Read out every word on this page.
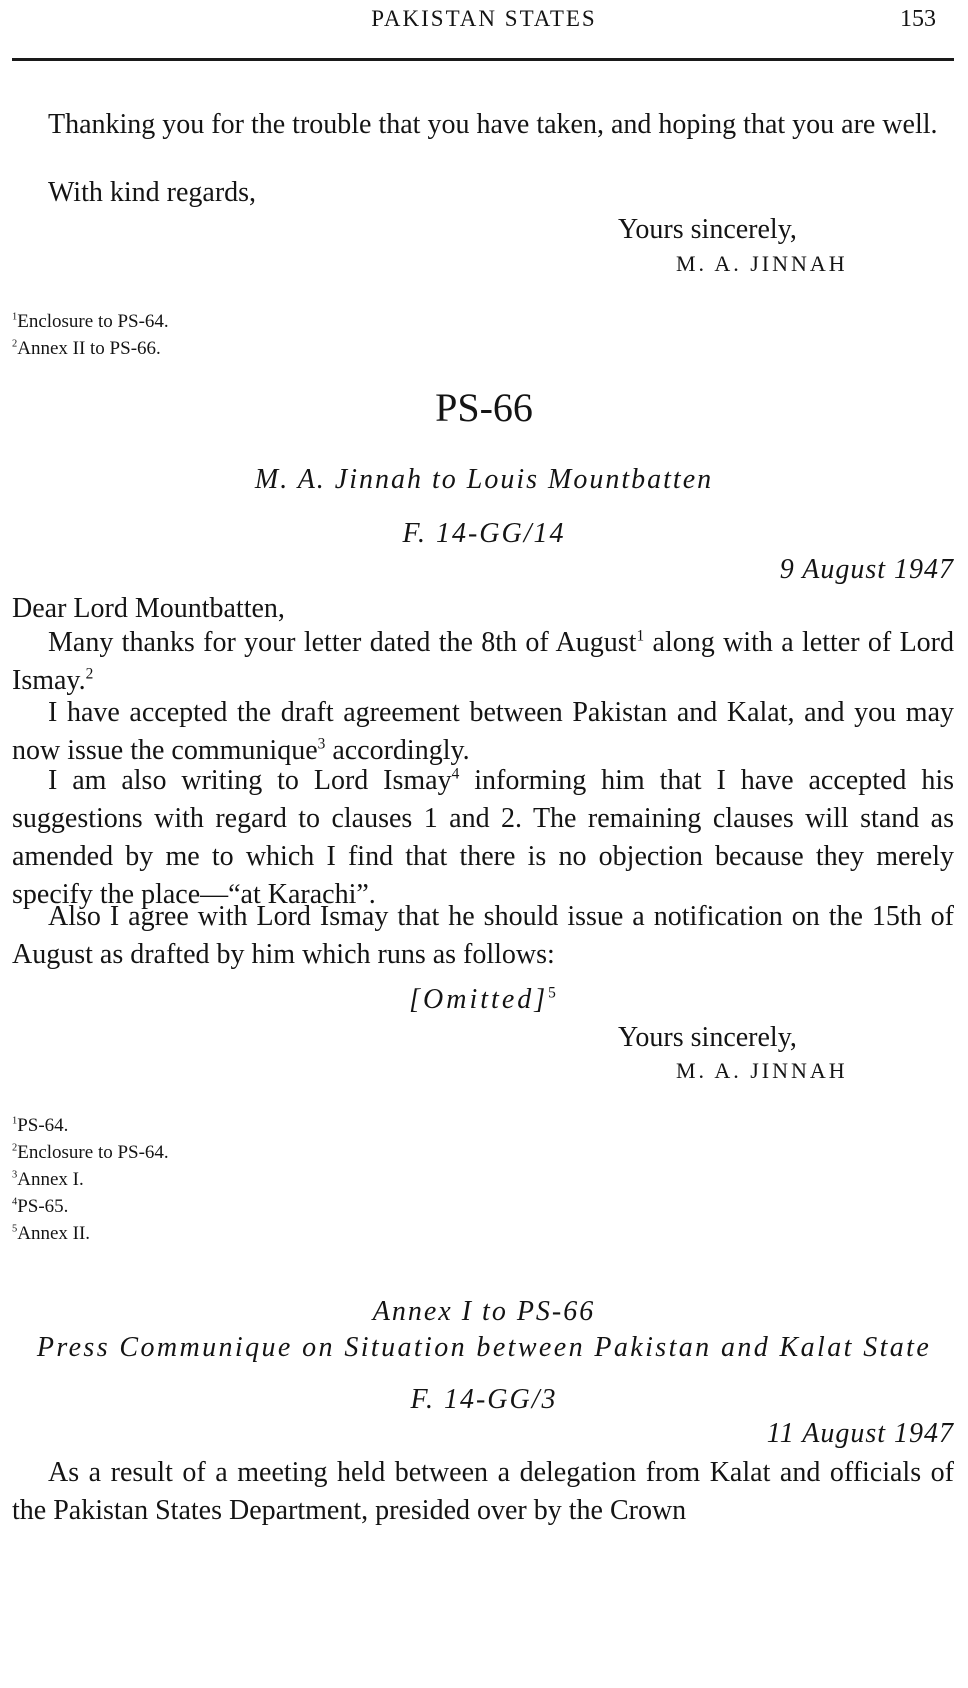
PAKISTAN STATES	153

Thanking you for the trouble that you have taken, and hoping that you are well.

With kind regards,

Yours sincerely,
M. A. JINNAH
$^1$Enclosure to PS-64.
$^2$Annex II to PS-66.
PS-66
M. A. Jinnah to Louis Mountbatten
F. 14-GG/14
9 August 1947

Dear Lord Mountbatten,

Many thanks for your letter dated the 8th of August$^1$ along with a letter of Lord Ismay.$^2$

I have accepted the draft agreement between Pakistan and Kalat, and you may now issue the communique$^3$ accordingly.

I am also writing to Lord Ismay$^4$ informing him that I have accepted his suggestions with regard to clauses 1 and 2. The remaining clauses will stand as amended by me to which I find that there is no objection because they merely specify the place—“at Karachi”.

Also I agree with Lord Ismay that he should issue a notification on the 15th of August as drafted by him which runs as follows:

[Omitted]$^5$
Yours sincerely,
M. A. JINNAH
$^1$PS-64.
$^2$Enclosure to PS-64.
$^3$Annex I.
$^4$PS-65.
$^5$Annex II.
Annex I to PS-66
Press Communique on Situation between Pakistan and Kalat State
F. 14-GG/3
11 August 1947

As a result of a meeting held between a delegation from Kalat and officials of the Pakistan States Department, presided over by the Crown
